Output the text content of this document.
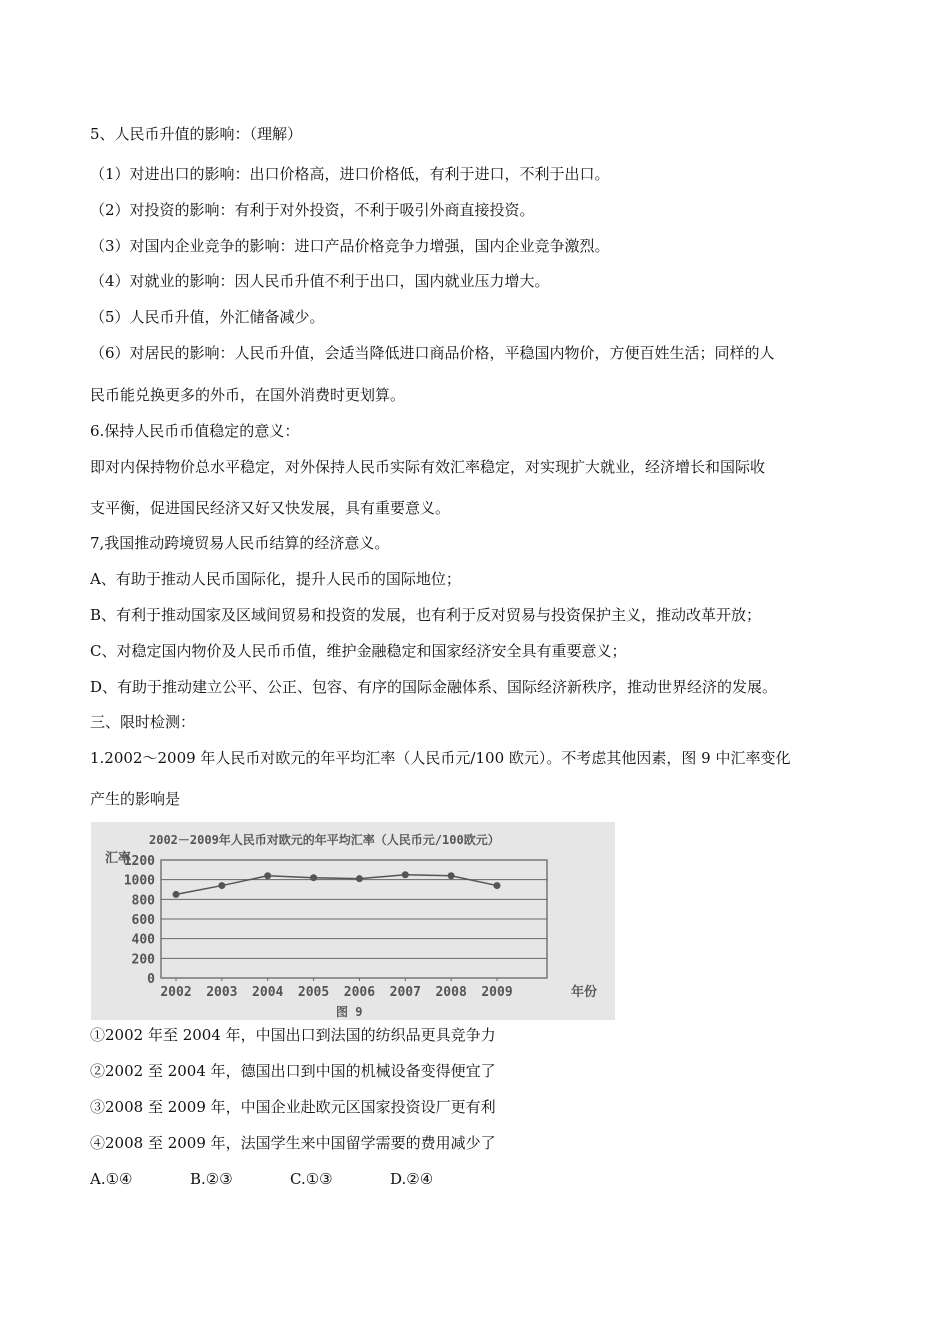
5、人民币升值的影响：（理解）
（1）对进出口的影响：出口价格高，进口价格低，有利于进口，不利于出口。
（2）对投资的影响：有利于对外投资，不利于吸引外商直接投资。
（3）对国内企业竞争的影响：进口产品价格竞争力增强，国内企业竞争激烈。
（4）对就业的影响：因人民币升值不利于出口，国内就业压力增大。
（5）人民币升值，外汇储备减少。
（6）对居民的影响：人民币升值，会适当降低进口商品价格，平稳国内物价，方便百姓生活；同样的人
民币能兑换更多的外币，在国外消费时更划算。
6.保持人民币币值稳定的意义：
即对内保持物价总水平稳定，对外保持人民币实际有效汇率稳定，对实现扩大就业，经济增长和国际收
支平衡，促进国民经济又好又快发展，具有重要意义。
7,我国推动跨境贸易人民币结算的经济意义。
A、有助于推动人民币国际化，提升人民币的国际地位；
B、有利于推动国家及区域间贸易和投资的发展，也有利于反对贸易与投资保护主义，推动改革开放；
C、对稳定国内物价及人民币币值，维护金融稳定和国家经济安全具有重要意义；
D、有助于推动建立公平、公正、包容、有序的国际金融体系、国际经济新秩序，推动世界经济的发展。
三、限时检测：
1.2002～2009 年人民币对欧元的年平均汇率（人民币元/100 欧元）。不考虑其他因素，图 9 中汇率变化
产生的影响是
2002－2009年人民币对欧元的年平均汇率（人民币元/100欧元）
汇率
年份
图 9
1200
1000
800
600
400
200
0
2002 2003 2004 2005 2006 2007 2008 2009
①2002 年至 2004 年，中国出口到法国的纺织品更具竞争力
②2002 至 2004 年，德国出口到中国的机械设备变得便宜了
③2008 至 2009 年，中国企业赴欧元区国家投资设厂更有利
④2008 至 2009 年，法国学生来中国留学需要的费用减少了
A.①④	B.②③	C.①③	D.②④
